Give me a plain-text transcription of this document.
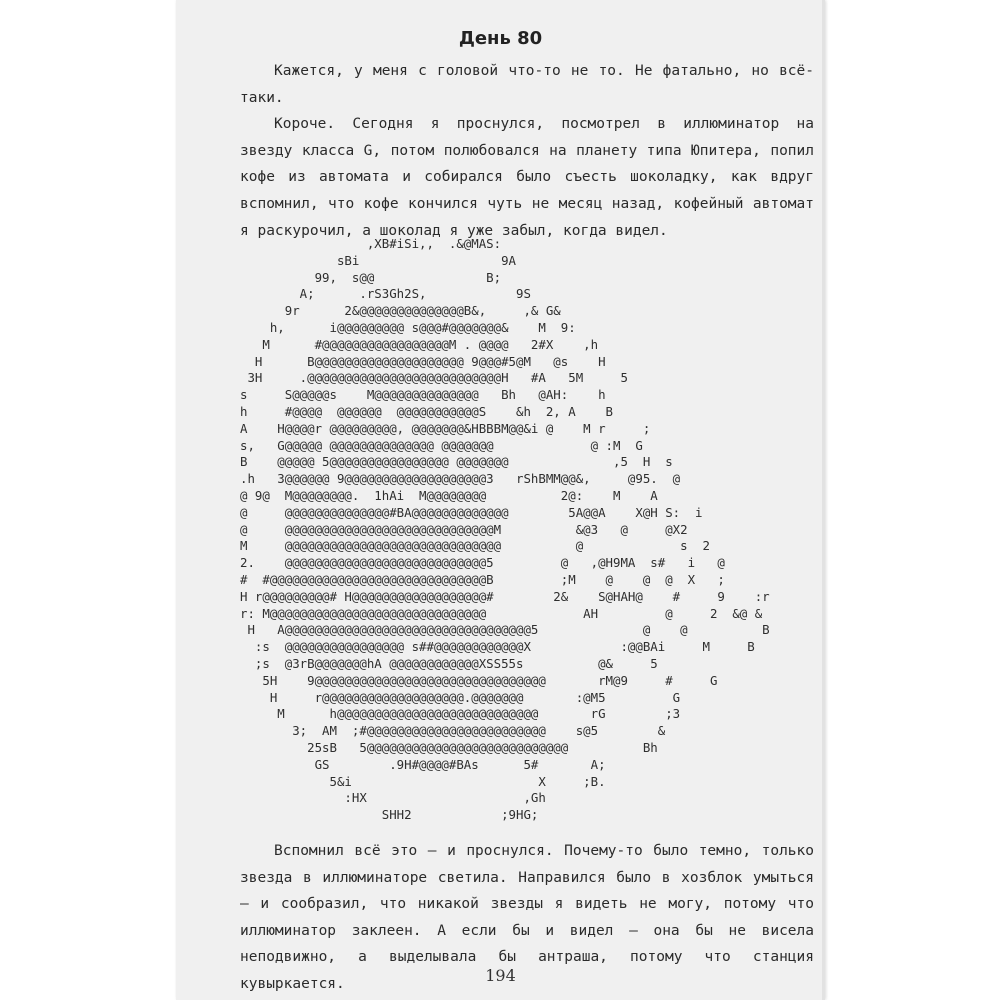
День 80

Кажется, у меня с головой что-то не то. Не фатально, но всё-таки.

Короче. Сегодня я проснулся, посмотрел в иллюминатор на звезду класса G, потом полюбовался на планету типа Юпитера, попил кофе из автомата и собирался было съесть шоколадку, как вдруг вспомнил, что кофе кончился чуть не месяц назад, кофейный автомат я раскурочил, а шоколад я уже забыл, когда видел.

,XB#iSi,,  .&@MAS:
sBi                   9A
99,  s@@               B;
A;      .rS3Gh2S,            9S
9r      2&@@@@@@@@@@@@@@B&,     ,& G&
h,      i@@@@@@@@@ s@@@#@@@@@@@&    M  9:
M      #@@@@@@@@@@@@@@@@@M . @@@@   2#X    ,h
H      B@@@@@@@@@@@@@@@@@@@@ 9@@@#5@M   @s    H
3H     .@@@@@@@@@@@@@@@@@@@@@@@@@@H   #A   5M     5
s     S@@@@@s    M@@@@@@@@@@@@@@   Bh   @AH:    h
h     #@@@@  @@@@@@  @@@@@@@@@@@S    &h  2, A    B
A    H@@@@r @@@@@@@@@, @@@@@@@&HBBBM@@&i @    M r     ;
s,   G@@@@@ @@@@@@@@@@@@@@ @@@@@@@             @ :M  G
B    @@@@@ 5@@@@@@@@@@@@@@@@ @@@@@@@              ,5  H  s
.h   3@@@@@@ 9@@@@@@@@@@@@@@@@@@@3   rShBMM@@&,     @95.  @
@ 9@  M@@@@@@@@.  1hAi  M@@@@@@@@          2@:    M    A
@     @@@@@@@@@@@@@@#BA@@@@@@@@@@@@@        5A@@A    X@H S:  i
@     @@@@@@@@@@@@@@@@@@@@@@@@@@@@M          &@3   @     @X2
M     @@@@@@@@@@@@@@@@@@@@@@@@@@@@@          @             s  2
2.    @@@@@@@@@@@@@@@@@@@@@@@@@@@5         @   ,@H9MA  s#   i   @
#  #@@@@@@@@@@@@@@@@@@@@@@@@@@@@@B         ;M    @    @  @  X   ;
H r@@@@@@@@@# H@@@@@@@@@@@@@@@@@@#        2&    S@HAH@    #     9    :r
r: M@@@@@@@@@@@@@@@@@@@@@@@@@@@@@             AH         @     2  &@ &
H   A@@@@@@@@@@@@@@@@@@@@@@@@@@@@@@@@@5              @    @          B
:s  @@@@@@@@@@@@@@@@ s##@@@@@@@@@@@@X            :@@BAi     M     B
;s  @3rB@@@@@@@hA @@@@@@@@@@@@XSS55s          @&     5
5H    9@@@@@@@@@@@@@@@@@@@@@@@@@@@@@@@       rM@9     #     G
H     r@@@@@@@@@@@@@@@@@@@.@@@@@@@       :@M5         G
M      h@@@@@@@@@@@@@@@@@@@@@@@@@@@       rG        ;3
3;  AM  ;#@@@@@@@@@@@@@@@@@@@@@@@@    s@5        &
25sB   5@@@@@@@@@@@@@@@@@@@@@@@@@@@          Bh
GS        .9H#@@@@#BAs      5#       A;
5&i                         X     ;B.
:HX                     ,Gh
SHH2            ;9HG;

Вспомнил всё это — и проснулся. Почему-то было темно, только звезда в иллюминаторе светила. Направился было в хозблок умыться — и сообразил, что никакой звезды я видеть не могу, потому что иллюминатор заклеен. А если бы и видел — она бы не висела неподвижно, а выделывала бы антраша, потому что станция кувыркается.	194
